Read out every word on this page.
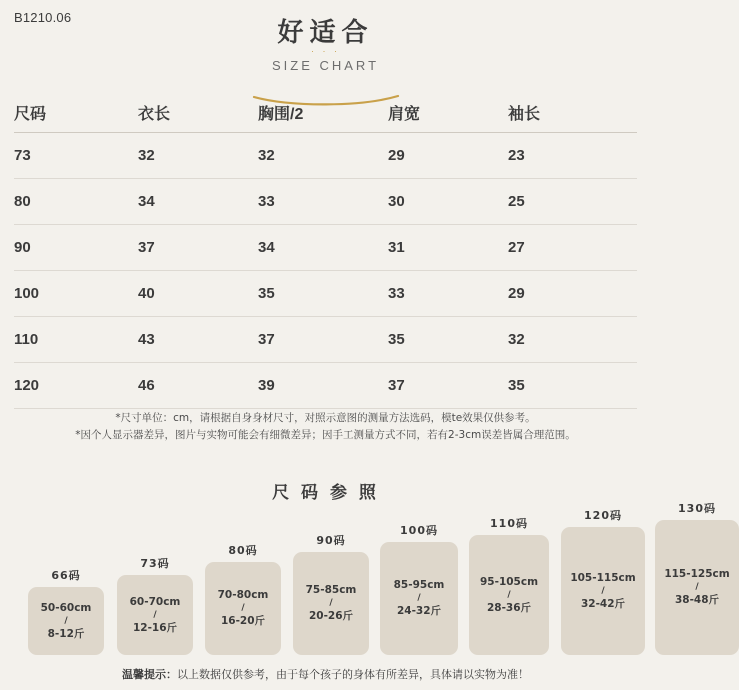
B1210.06
好适合
· · ·
SIZE CHART
尺码	衣长	胸围/2	肩宽	袖长
73	32	32	29	23
80	34	33	30	25
90	37	34	31	27
100	40	35	33	29
110	43	37	35	32
120	46	39	37	35
*尺寸单位：cm，请根据自身身材尺寸，对照示意图的测量方法选码，模te效果仅供参考。
*因个人显示器差异，图片与实物可能会有细微差异；因手工测量方式不同，若有2-3cm误差皆属合理范围。
尺 码 参 照
66码
50-60cm
/
8-12斤
73码
60-70cm
/
12-16斤
80码
70-80cm
/
16-20斤
90码
75-85cm
/
20-26斤
100码
85-95cm
/
24-32斤
110码
95-105cm
/
28-36斤
120码
105-115cm
/
32-42斤
130码
115-125cm
/
38-48斤
温馨提示：以上数据仅供参考，由于每个孩子的身体有所差异，具体请以实物为准！
